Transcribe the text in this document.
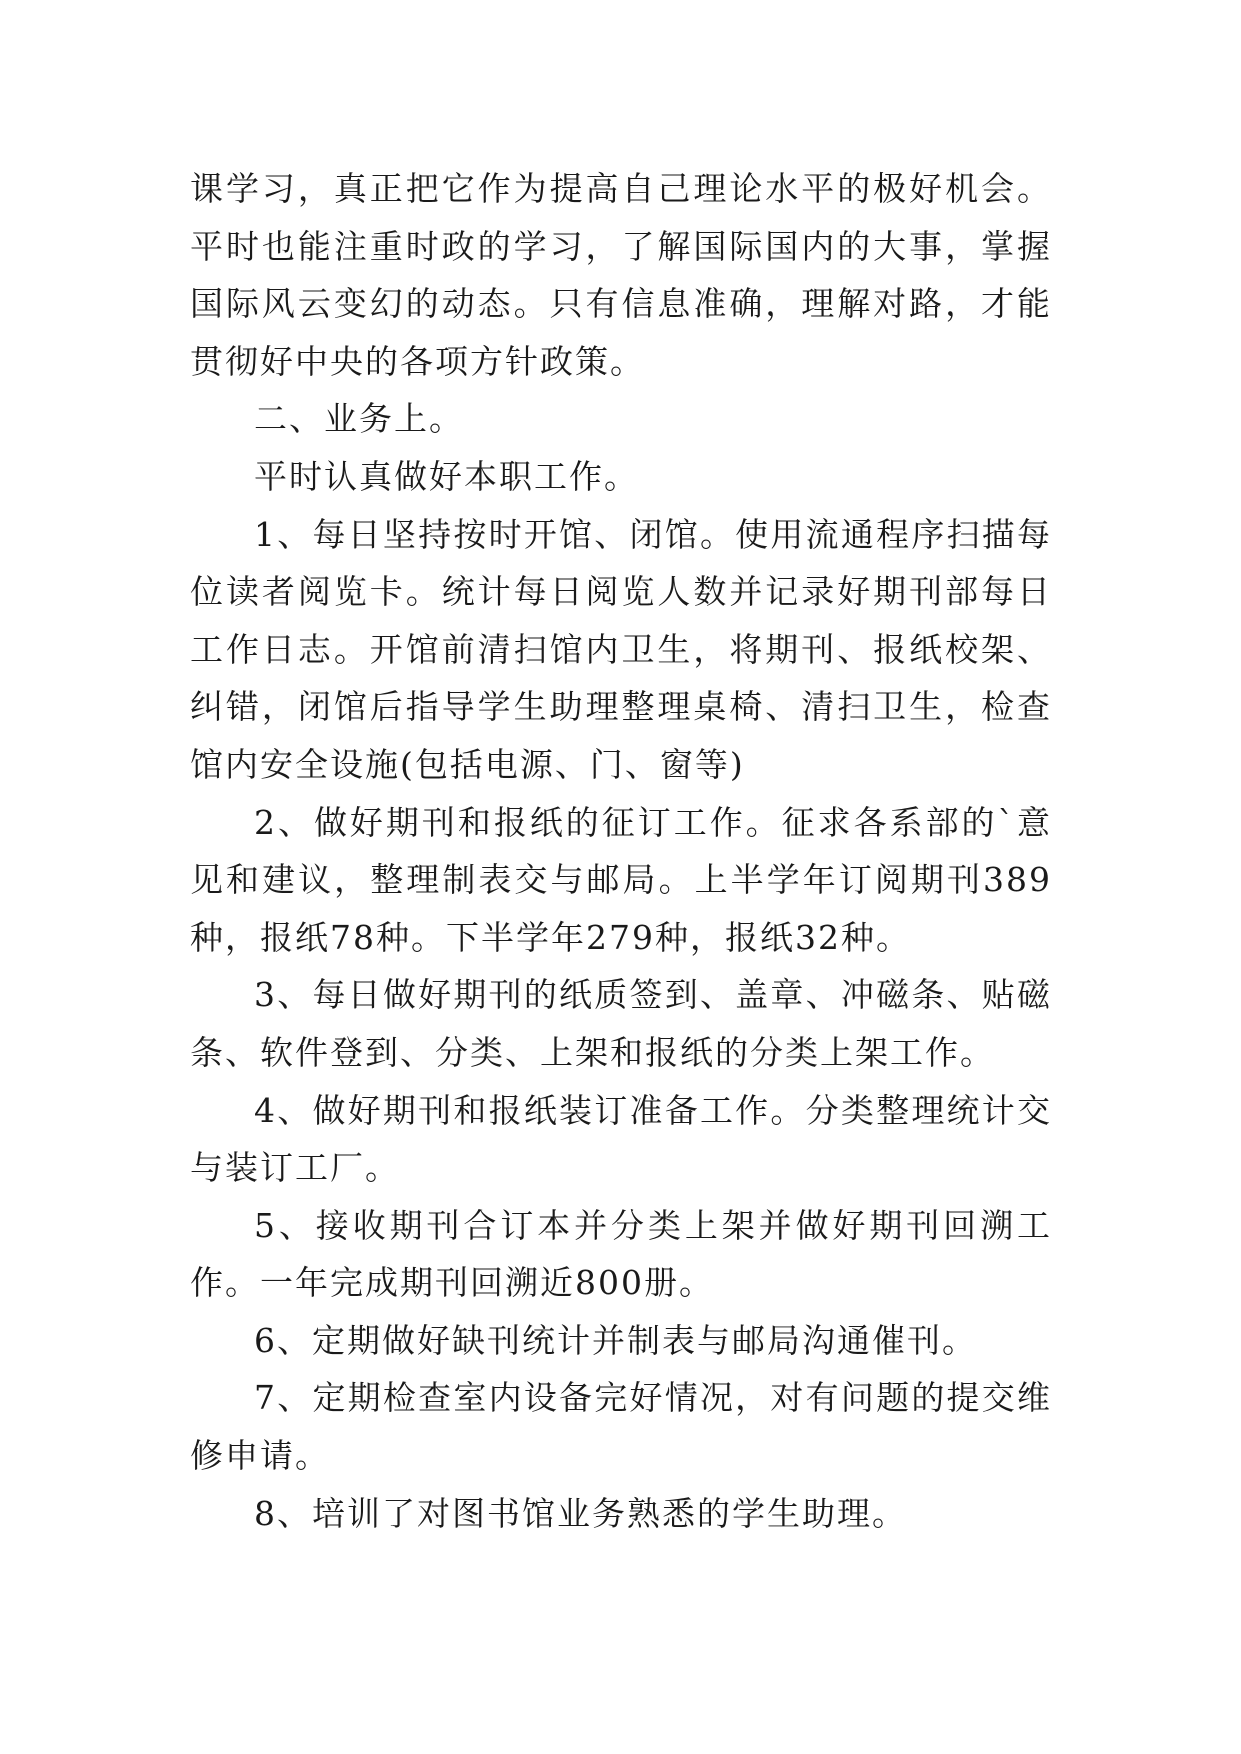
课学习，真正把它作为提高自己理论水平的极好机会。平时也能注重时政的学习，了解国际国内的大事，掌握国际风云变幻的动态。只有信息准确，理解对路，才能贯彻好中央的各项方针政策。

二、业务上。

平时认真做好本职工作。

1、每日坚持按时开馆、闭馆。使用流通程序扫描每位读者阅览卡。统计每日阅览人数并记录好期刊部每日工作日志。开馆前清扫馆内卫生，将期刊、报纸校架、纠错，闭馆后指导学生助理整理桌椅、清扫卫生，检查馆内安全设施(包括电源、门、窗等)

2、做好期刊和报纸的征订工作。征求各系部的`意见和建议，整理制表交与邮局。上半学年订阅期刊389种，报纸78种。下半学年279种，报纸32种。

3、每日做好期刊的纸质签到、盖章、冲磁条、贴磁条、软件登到、分类、上架和报纸的分类上架工作。

4、做好期刊和报纸装订准备工作。分类整理统计交与装订工厂。

5、接收期刊合订本并分类上架并做好期刊回溯工作。一年完成期刊回溯近800册。

6、定期做好缺刊统计并制表与邮局沟通催刊。

7、定期检查室内设备完好情况，对有问题的提交维修申请。

8、培训了对图书馆业务熟悉的学生助理。
